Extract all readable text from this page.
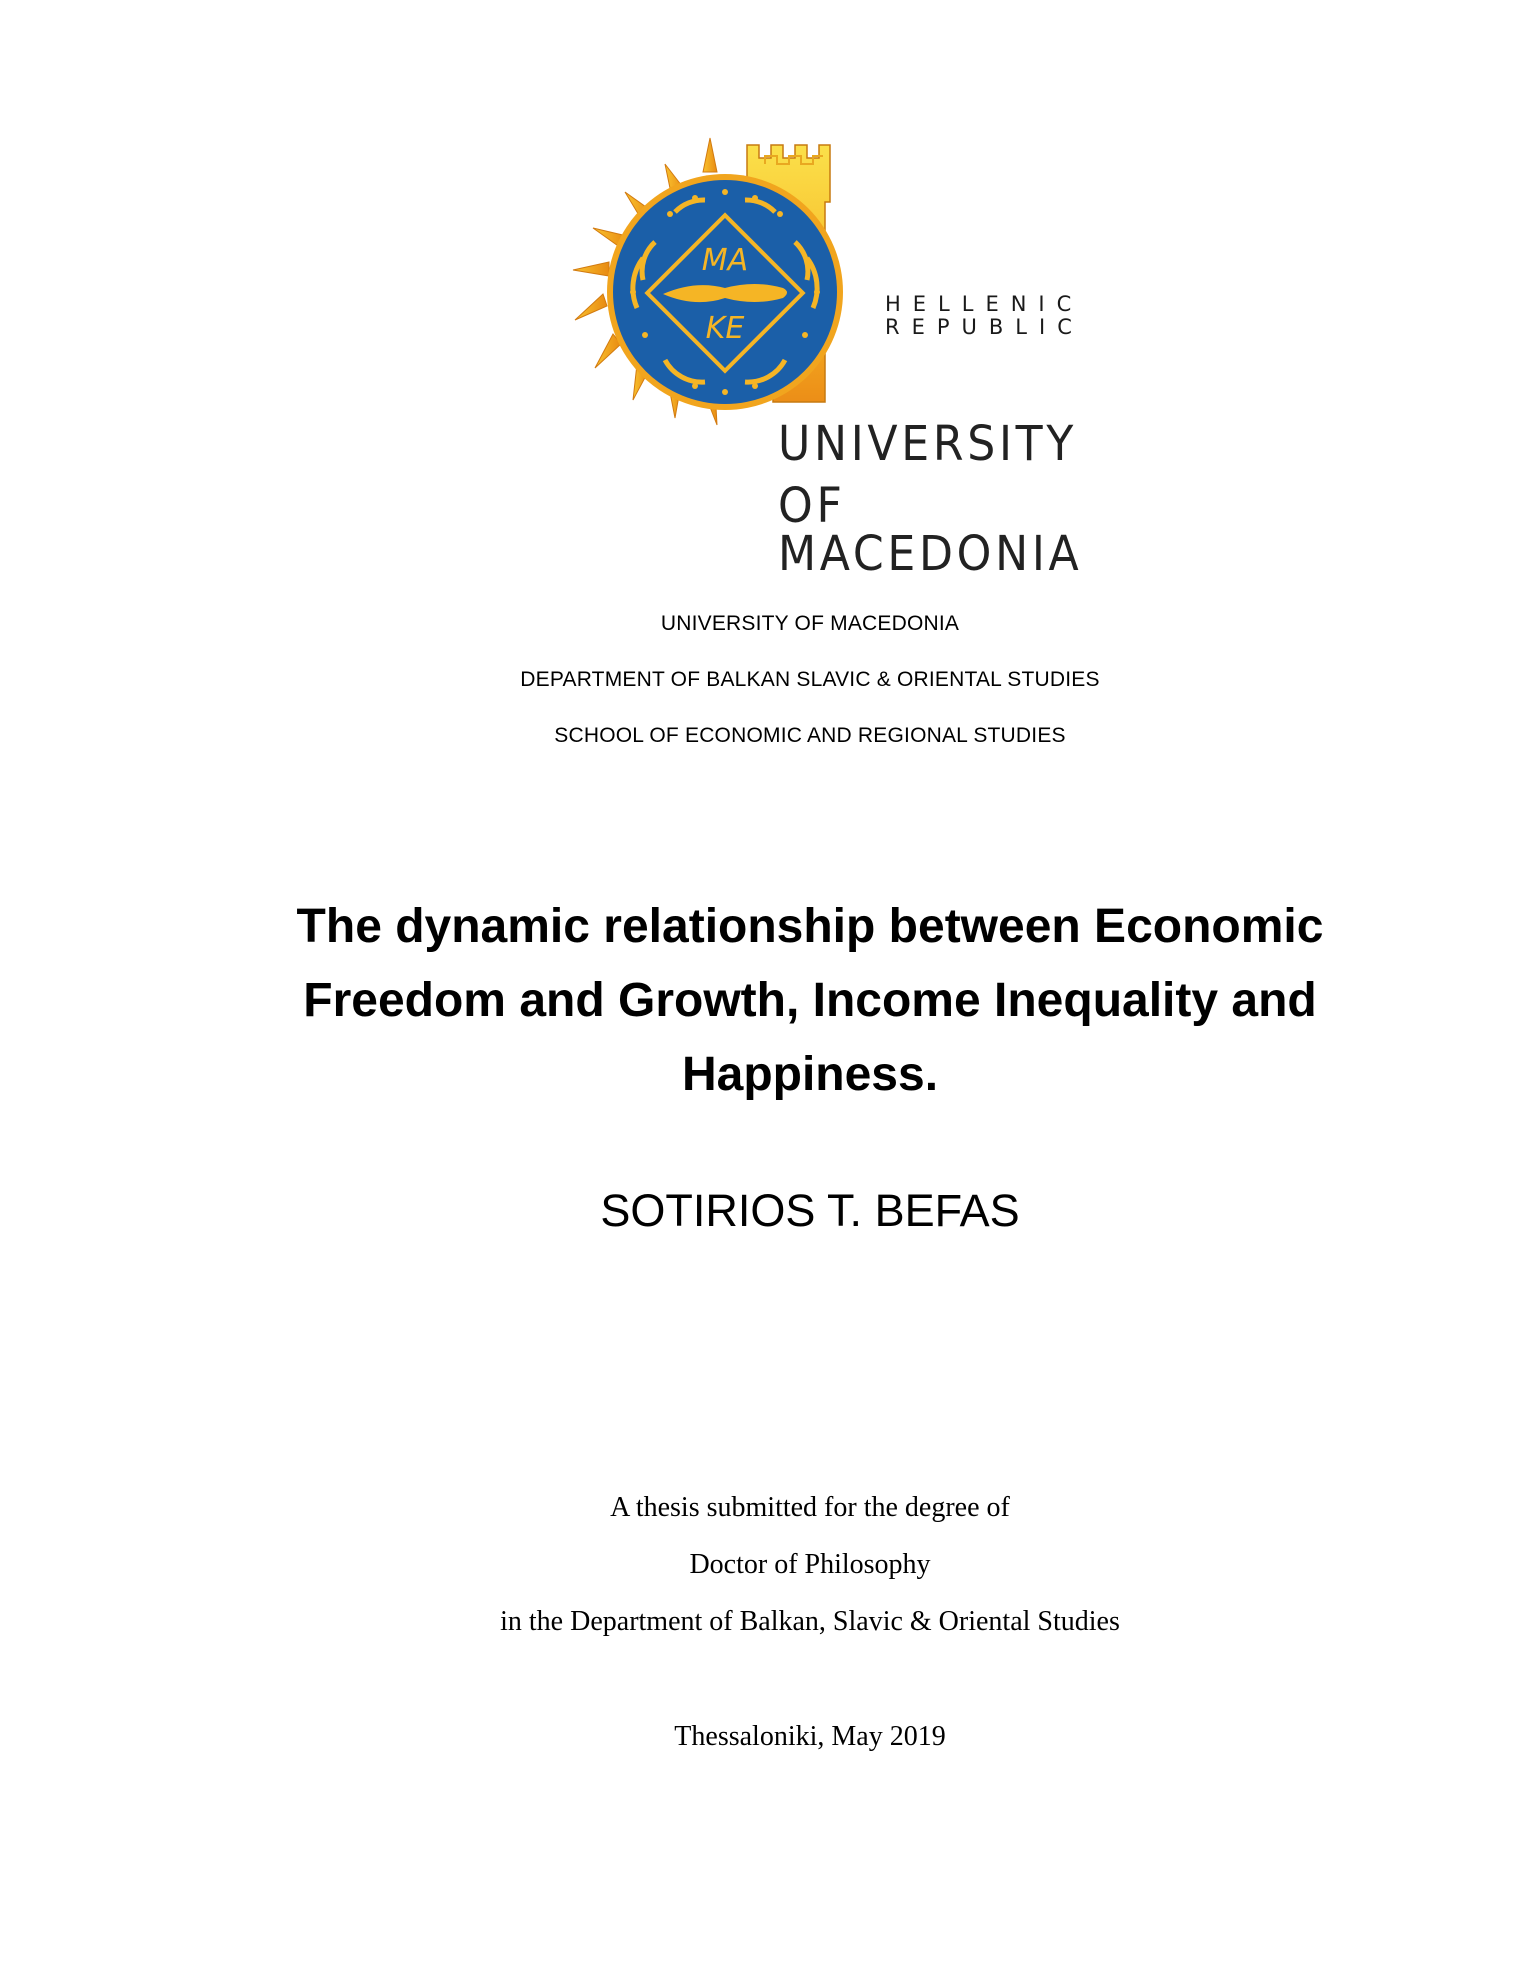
ΜΑ
ΚΕ
HELLENIC
REPUBLIC
UNIVERSITY
OF MACEDONIA
UNIVERSITY OF MACEDONIA
DEPARTMENT OF BALKAN SLAVIC & ORIENTAL STUDIES
SCHOOL OF ECONOMIC AND REGIONAL STUDIES
The dynamic relationship between Economic
Freedom and Growth, Income Inequality and
Happiness.
SOTIRIOS T. BEFAS
A thesis submitted for the degree of
Doctor of Philosophy
in the Department of Balkan, Slavic & Oriental Studies
Thessaloniki, May 2019
